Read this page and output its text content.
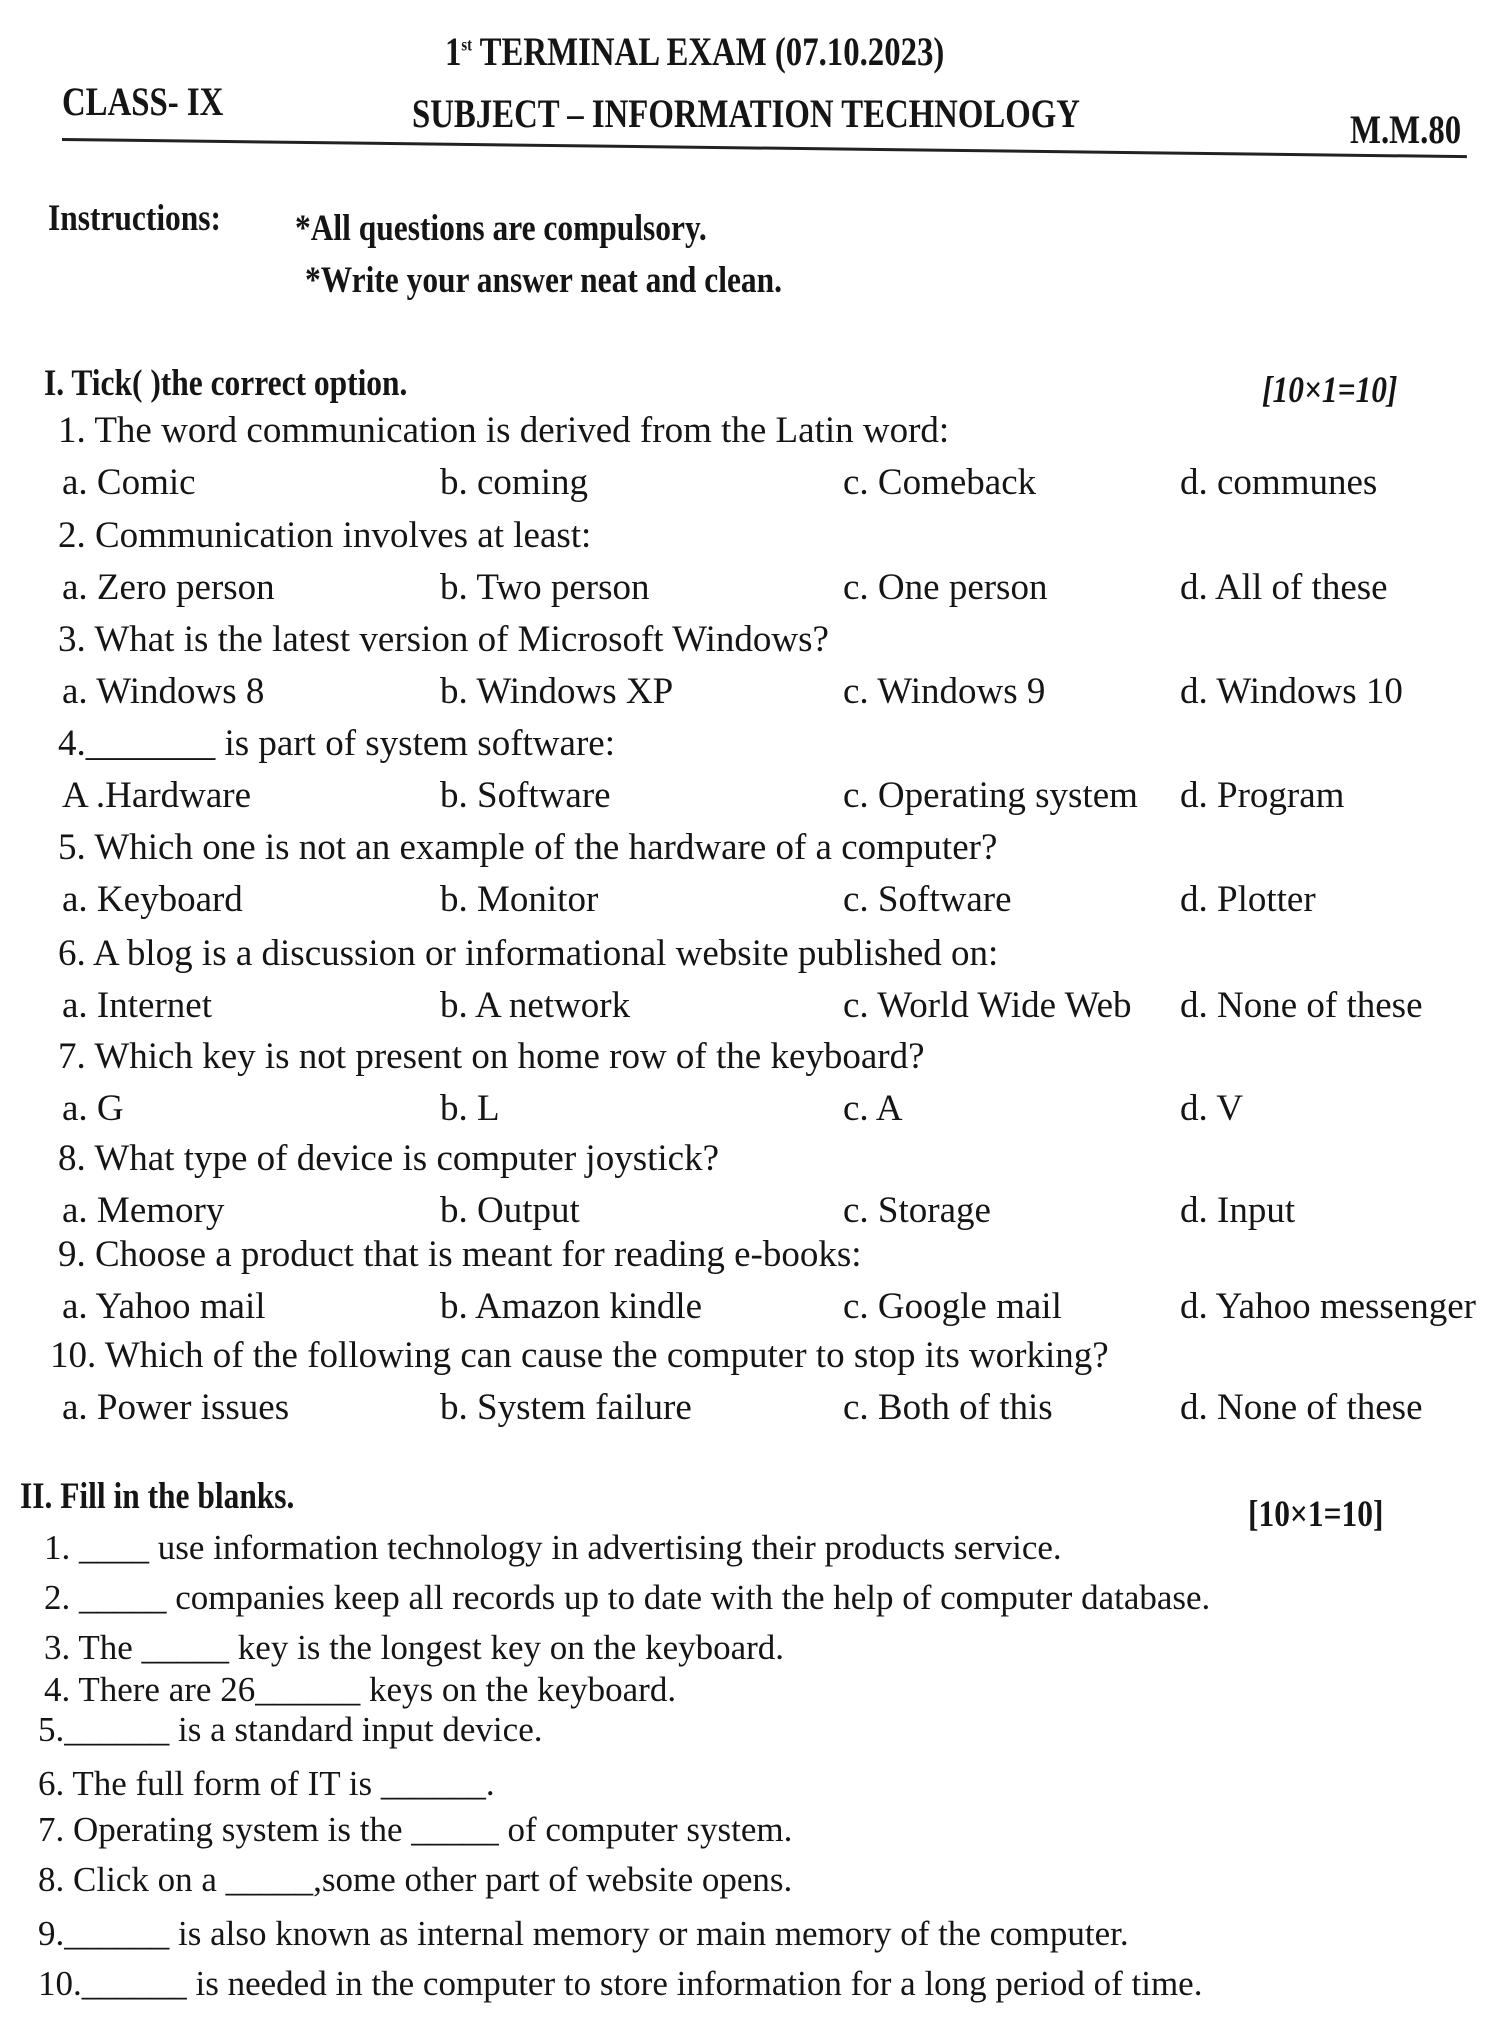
1st TERMINAL EXAM (07.10.2023)
CLASS- IX	SUBJECT – INFORMATION TECHNOLOGY	M.M.80
Instructions: *All questions are compulsory.
*Write your answer neat and clean.
I. Tick( )the correct option.	[10×1=10]
1. The word communication is derived from the Latin word:
a. Comic	b. coming	c. Comeback	d. communes
2. Communication involves at least:
a. Zero person	b. Two person	c. One person	d. All of these
3. What is the latest version of Microsoft Windows?
a. Windows 8	b. Windows XP	c. Windows 9	d. Windows 10
4._______ is part of system software:
A .Hardware	b. Software	c. Operating system d. Program
5. Which one is not an example of the hardware of a computer?
a. Keyboard	b. Monitor	c. Software	d. Plotter
6. A blog is a discussion or informational website published on:
a. Internet	b. A network	c. World Wide Web d. None of these
7. Which key is not present on home row of the keyboard?
a. G	b. L	c. A	d. V
8. What type of device is computer joystick?
a. Memory	b. Output	c. Storage	d. Input
9. Choose a product that is meant for reading e-books:
a. Yahoo mail	b. Amazon kindle	c. Google mail	d. Yahoo messenger
10. Which of the following can cause the computer to stop its working?
a. Power issues	b. System failure	c. Both of this	d. None of these
II. Fill in the blanks.	[10×1=10]
1. ____ use information technology in advertising their products service.
2. _____ companies keep all records up to date with the help of computer database.
3. The _____ key is the longest key on the keyboard.
4. There are 26______ keys on the keyboard.
5.______ is a standard input device.
6. The full form of IT is ______.
7. Operating system is the _____ of computer system.
8. Click on a _____,some other part of website opens.
9.______ is also known as internal memory or main memory of the computer.
10.______ is needed in the computer to store information for a long period of time.
